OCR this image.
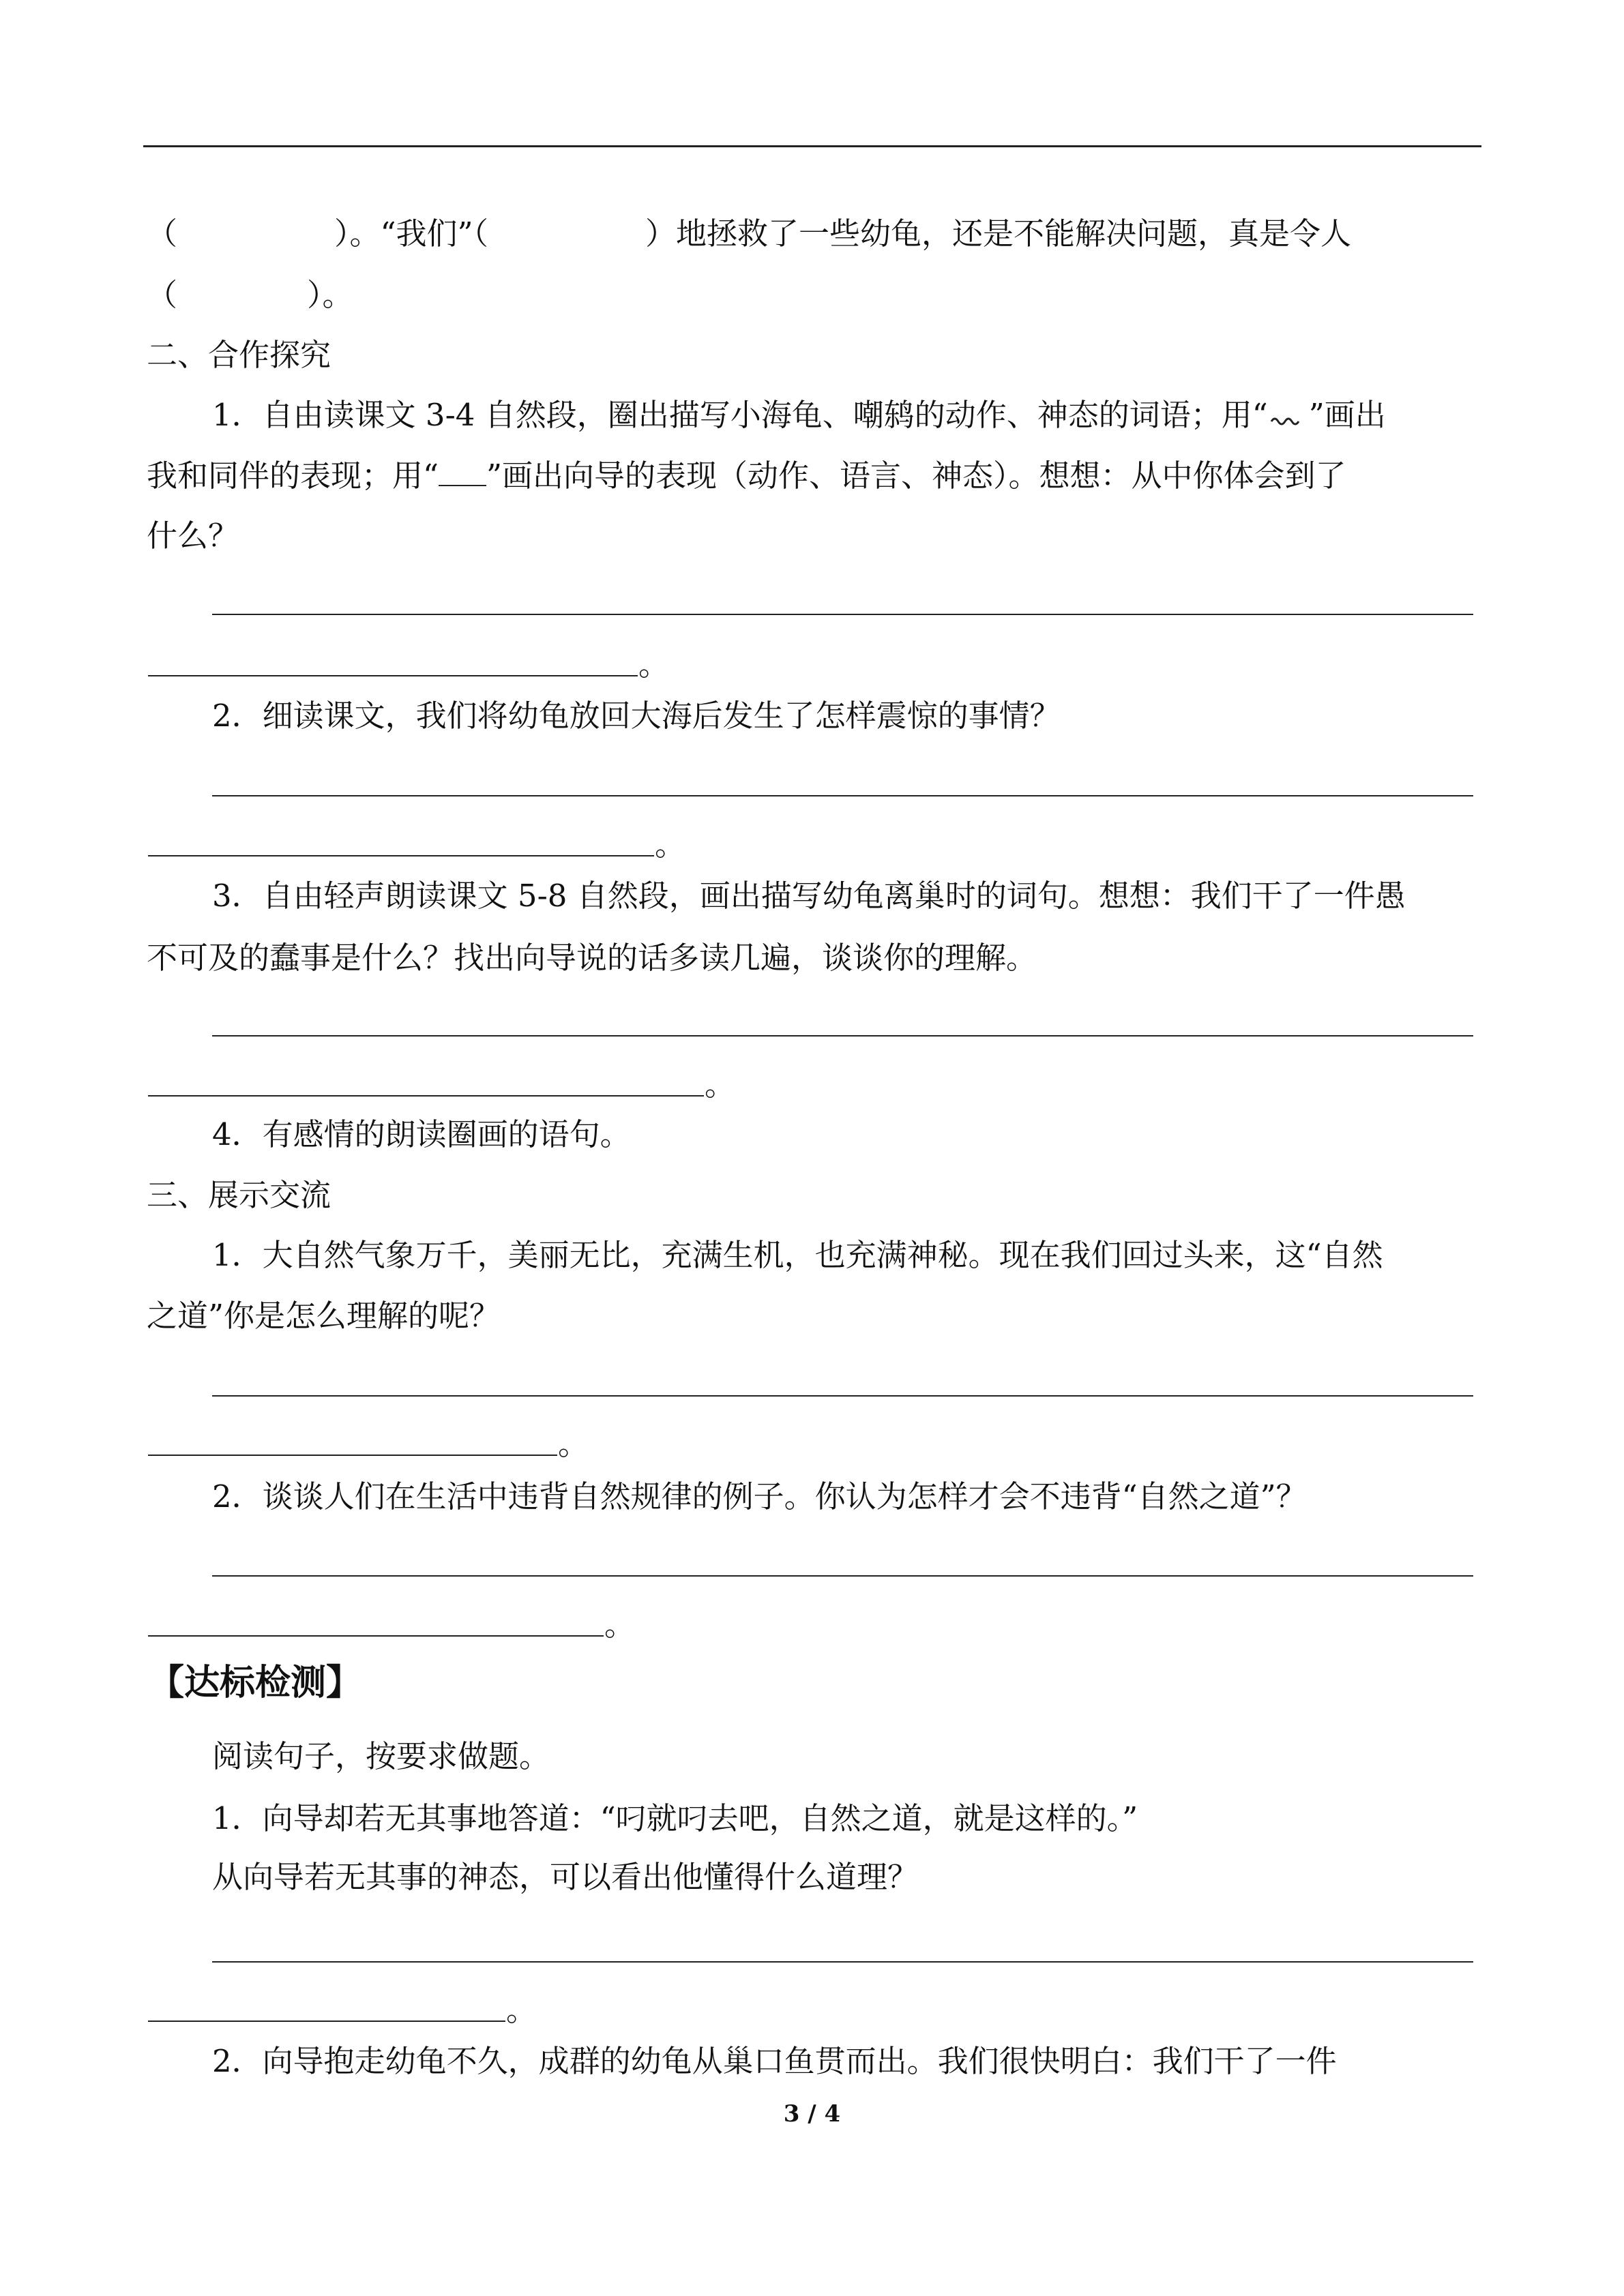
（	）。“我们”（	）地拯救了一些幼龟，还是不能解决问题，真是令人
（	）。
二、合作探究
1．自由读课文 3-4 自然段，圈出描写小海龟、嘲鸫的动作、神态的词语；用“ ”画出
我和同伴的表现；用“ ”画出向导的表现（动作、语言、神态）。想想：从中你体会到了
什么？
。
2．细读课文，我们将幼龟放回大海后发生了怎样震惊的事情？
。
3．自由轻声朗读课文 5-8 自然段，画出描写幼龟离巢时的词句。想想：我们干了一件愚
不可及的蠢事是什么？找出向导说的话多读几遍，谈谈你的理解。
。
4．有感情的朗读圈画的语句。
三、展示交流
1．大自然气象万千，美丽无比，充满生机，也充满神秘。现在我们回过头来，这“自然
之道”你是怎么理解的呢？
。
2．谈谈人们在生活中违背自然规律的例子。你认为怎样才会不违背“自然之道”？
。
【达标检测】
阅读句子，按要求做题。
1．向导却若无其事地答道：“叼就叼去吧，自然之道，就是这样的。”
从向导若无其事的神态，可以看出他懂得什么道理？
。
2．向导抱走幼龟不久，成群的幼龟从巢口鱼贯而出。我们很快明白：我们干了一件
3 / 4
